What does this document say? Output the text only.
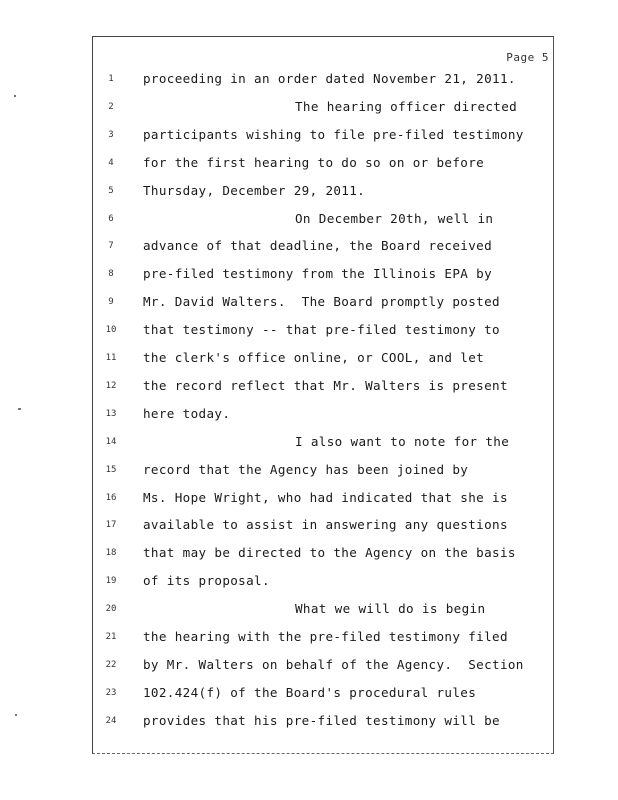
Page 5
1	proceeding in an order dated November 21, 2011.
2	The hearing officer directed
3	participants wishing to file pre-filed testimony
4	for the first hearing to do so on or before
5	Thursday, December 29, 2011.
6	On December 20th, well in
7	advance of that deadline, the Board received
8	pre-filed testimony from the Illinois EPA by
9	Mr. David Walters.  The Board promptly posted
10 that testimony -- that pre-filed testimony to
11 the clerk's office online, or COOL, and let
12 the record reflect that Mr. Walters is present
13 here today.
14	I also want to note for the
15 record that the Agency has been joined by
16 Ms. Hope Wright, who had indicated that she is
17 available to assist in answering any questions
18 that may be directed to the Agency on the basis
19 of its proposal.
20	What we will do is begin
21 the hearing with the pre-filed testimony filed
22 by Mr. Walters on behalf of the Agency.  Section
23 102.424(f) of the Board's procedural rules
24 provides that his pre-filed testimony will be
